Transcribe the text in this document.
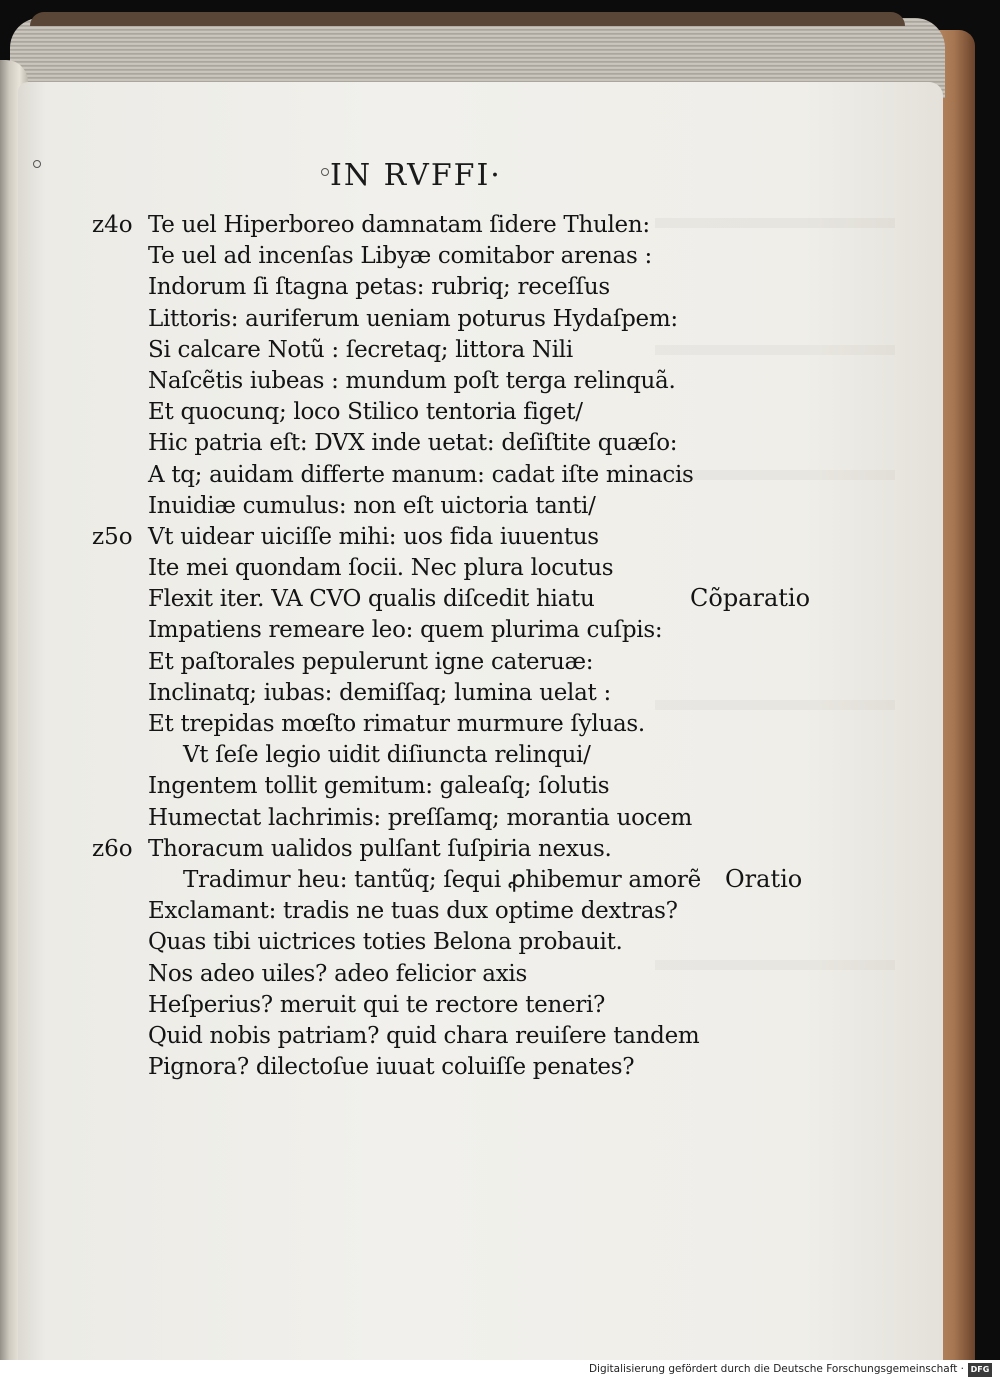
IN RVFFI·
Te uel Hiperboreo damnatam ſidere Thulen:
Te uel ad incenſas Libyæ comitabor arenas :
Indorum ſi ſtagna petas: rubriq; receſſus
Littoris: auriferum ueniam poturus Hydaſpem:
Si calcare Notũ : ſecretaq; littora Nili
Naſcẽtis iubeas : mundum poſt terga relinquã.
Et quocunq; loco Stilico tentoria figet/
Hic patria eſt: DVX inde uetat: deſiſtite quæſo:
A tq; auidam differte manum: cadat iſte minacis
Inuidiæ cumulus: non eſt uictoria tanti/
Vt uidear uiciſſe mihi: uos fida iuuentus
Ite mei quondam ſocii. Nec plura locutus
Flexit iter. VA CVO qualis diſcedit hiatu
Impatiens remeare leo: quem plurima cuſpis:
Et paſtorales pepulerunt igne cateruæ:
Inclinatq; iubas: demiſſaq; lumina uelat :
Et trepidas mœſto rimatur murmure ſyluas.
Vt ſeſe legio uidit diſiuncta relinqui/
Ingentem tollit gemitum: galeaſq; ſolutis
Humectat lachrimis: preſſamq; morantia uocem
Thoracum ualidos pulſant ſuſpiria nexus.
Tradimur heu: tantũq; ſequi ꝓhibemur amorẽ
Exclamant: tradis ne tuas dux optime dextras?
Quas tibi uictrices toties Belona probauit.
Nos adeo uiles? adeo felicior axis
Heſperius? meruit qui te rectore teneri?
Quid nobis patriam? quid chara reuiſere tandem
Pignora? dilectoſue iuuat coluiſſe penates?
z4o
z5o
z6o
Cõparatio
Oratio
Digitalisierung gefördert durch die Deutsche Forschungsgemeinschaft · DFG
